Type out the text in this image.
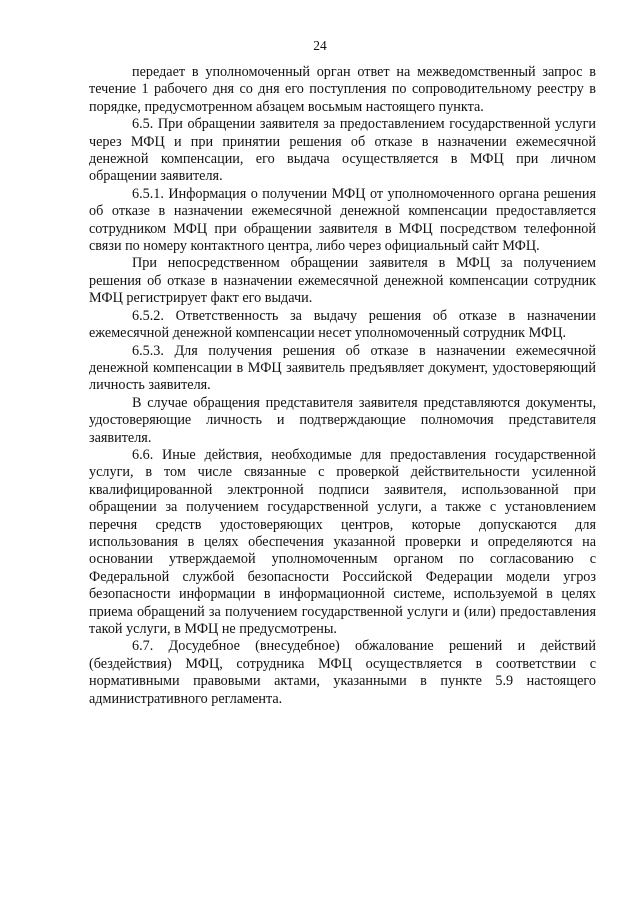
24

передает в уполномоченный орган ответ на межведомственный запрос в течение 1 рабочего дня со дня его поступления по сопроводительному реестру в порядке, предусмотренном абзацем восьмым настоящего пункта.

6.5. При обращении заявителя за предоставлением государственной услуги через МФЦ и при принятии решения об отказе в назначении ежемесячной денежной компенсации, его выдача осуществляется в МФЦ при личном обращении заявителя.

6.5.1. Информация о получении МФЦ от уполномоченного органа решения об отказе в назначении ежемесячной денежной компенсации предоставляется сотрудником МФЦ при обращении заявителя в МФЦ посредством телефонной связи по номеру контактного центра, либо через официальный сайт МФЦ.

При непосредственном обращении заявителя в МФЦ за получением решения об отказе в назначении ежемесячной денежной компенсации сотрудник МФЦ регистрирует факт его выдачи.

6.5.2. Ответственность за выдачу решения об отказе в назначении ежемесячной денежной компенсации несет уполномоченный сотрудник МФЦ.

6.5.3. Для получения решения об отказе в назначении ежемесячной денежной компенсации в МФЦ заявитель предъявляет документ, удостоверяющий личность заявителя.

В случае обращения представителя заявителя представляются документы, удостоверяющие личность и подтверждающие полномочия представителя заявителя.

6.6. Иные действия, необходимые для предоставления государственной услуги, в том числе связанные с проверкой действительности усиленной квалифицированной электронной подписи заявителя, использованной при обращении за получением государственной услуги, а также с установлением перечня средств удостоверяющих центров, которые допускаются для использования в целях обеспечения указанной проверки и определяются на основании утверждаемой уполномоченным органом по согласованию с Федеральной службой безопасности Российской Федерации модели угроз безопасности информации в информационной системе, используемой в целях приема обращений за получением государственной услуги и (или) предоставления такой услуги, в МФЦ не предусмотрены.

6.7. Досудебное (внесудебное) обжалование решений и действий (бездействия) МФЦ, сотрудника МФЦ осуществляется в соответствии с нормативными правовыми актами, указанными в пункте 5.9 настоящего административного регламента.
